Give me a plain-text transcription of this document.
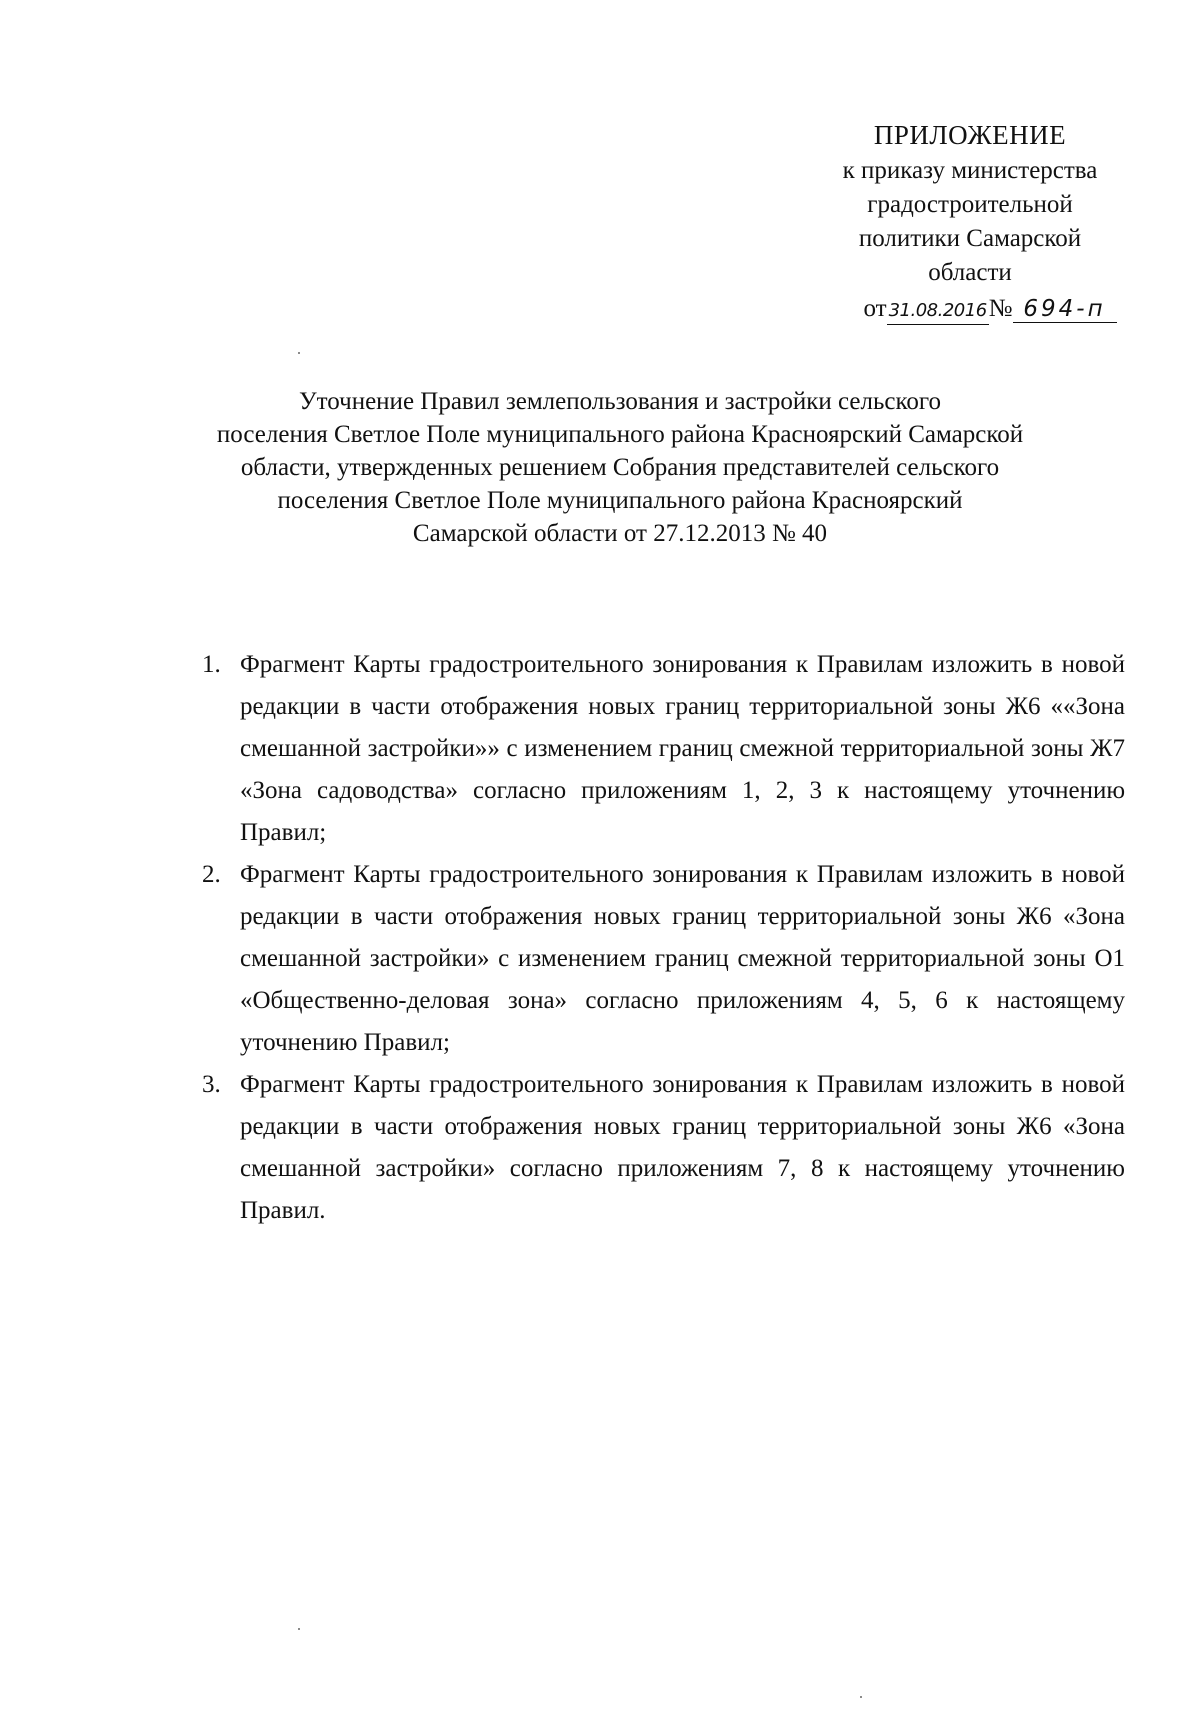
ПРИЛОЖЕНИЕ
к приказу министерства
градостроительной
политики Самарской
области
от 31.08.2016 № 694-п
Уточнение Правил землепользования и застройки сельского
поселения Светлое Поле муниципального района Красноярский Самарской
области, утвержденных решением Собрания представителей сельского
поселения Светлое Поле муниципального района Красноярский
Самарской области от 27.12.2013 № 40
1. Фрагмент Карты градостроительного зонирования к Правилам изложить в новой редакции в части отображения новых границ территориальной зоны Ж6 ««Зона смешанной застройки»» с изменением границ смежной территориальной зоны Ж7 «Зона садоводства» согласно приложениям 1, 2, 3 к настоящему уточнению Правил;
2. Фрагмент Карты градостроительного зонирования к Правилам изложить в новой редакции в части отображения новых границ территориальной зоны Ж6 «Зона смешанной застройки» с изменением границ смежной территориальной зоны О1 «Общественно-деловая зона» согласно приложениям 4, 5, 6 к настоящему уточнению Правил;
3. Фрагмент Карты градостроительного зонирования к Правилам изложить в новой редакции в части отображения новых границ территориальной зоны Ж6 «Зона смешанной застройки» согласно приложениям 7, 8 к настоящему уточнению Правил.
